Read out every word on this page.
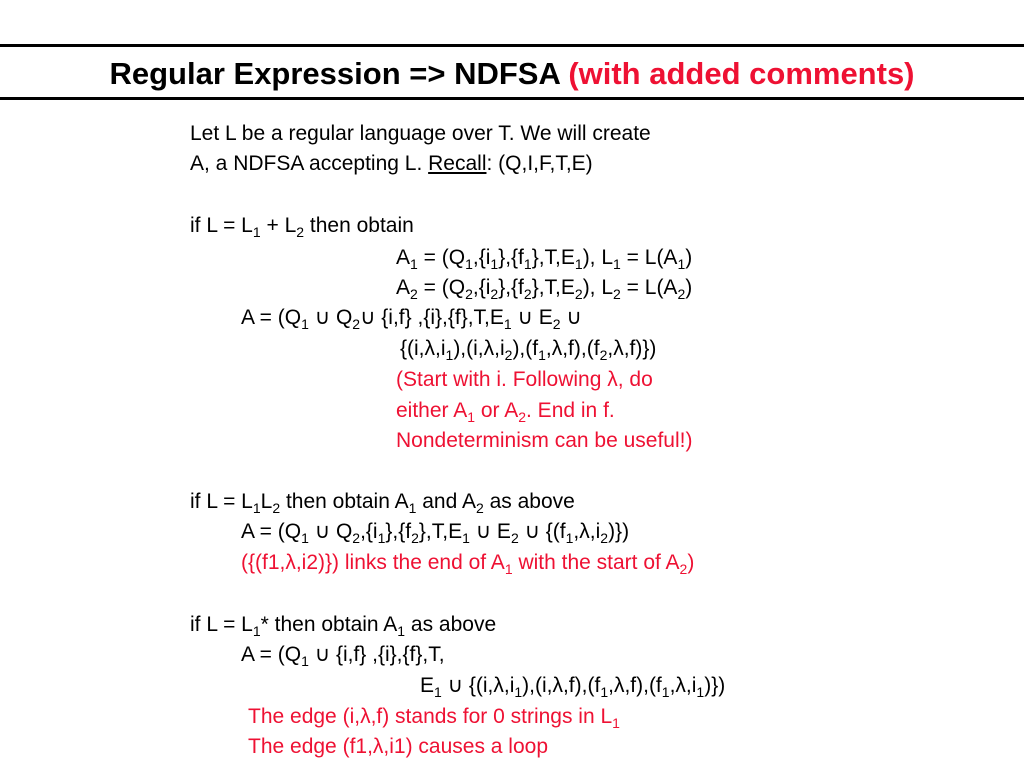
Regular Expression => NDFSA (with added comments)
Let L be a regular language over T. We will create
A, a NDFSA accepting L. Recall: (Q,I,F,T,E)
if $L = L_1 + L_2$ then obtain
$A_1 = (Q_1,\{i_1\},\{f_1\},T,E_1)$, $L_1 = L(A_1)$
$A_2 = (Q_2,\{i_2\},\{f_2\},T,E_2)$, $L_2 = L(A_2)$
$A = (Q_1$ ∪ $Q_2\cup$ {i,f} $,\{i\},\{f\},T,E_1$ ∪ $E_2$ ∪
$\{(i,\lambda,i_1),(i,\lambda,i_2),(f_1,\lambda,f),(f_2,\lambda,f)\}$)
(Start with i. Following λ, do
either $A_1$ or $A_2$. End in f.
Nondeterminism can be useful!)
if $L = L_1L_2$ then obtain $A_1$ and $A_2$ as above
$A = (Q_1$ ∪ $Q_2,\{i_1\},\{f_2\},T,E_1$ ∪ $E_2$ ∪ $\{(f_1,\lambda,i_2)\}$)
({(f1,λ,i2)}) links the end of $A_1$ with the start of $A_2$)
if $L = L_1*$ then obtain $A_1$ as above
$A = (Q_1$ ∪ {i,f} ,{i},{f},T,
$E_1$ ∪ $\{(i,\lambda,i_1),(i,\lambda,f),(f_1,\lambda,f),(f_1,\lambda,i_1)\}$)
The edge (i,λ,f) stands for 0 strings in $L_1$
The edge (f1,λ,i1) causes a loop
